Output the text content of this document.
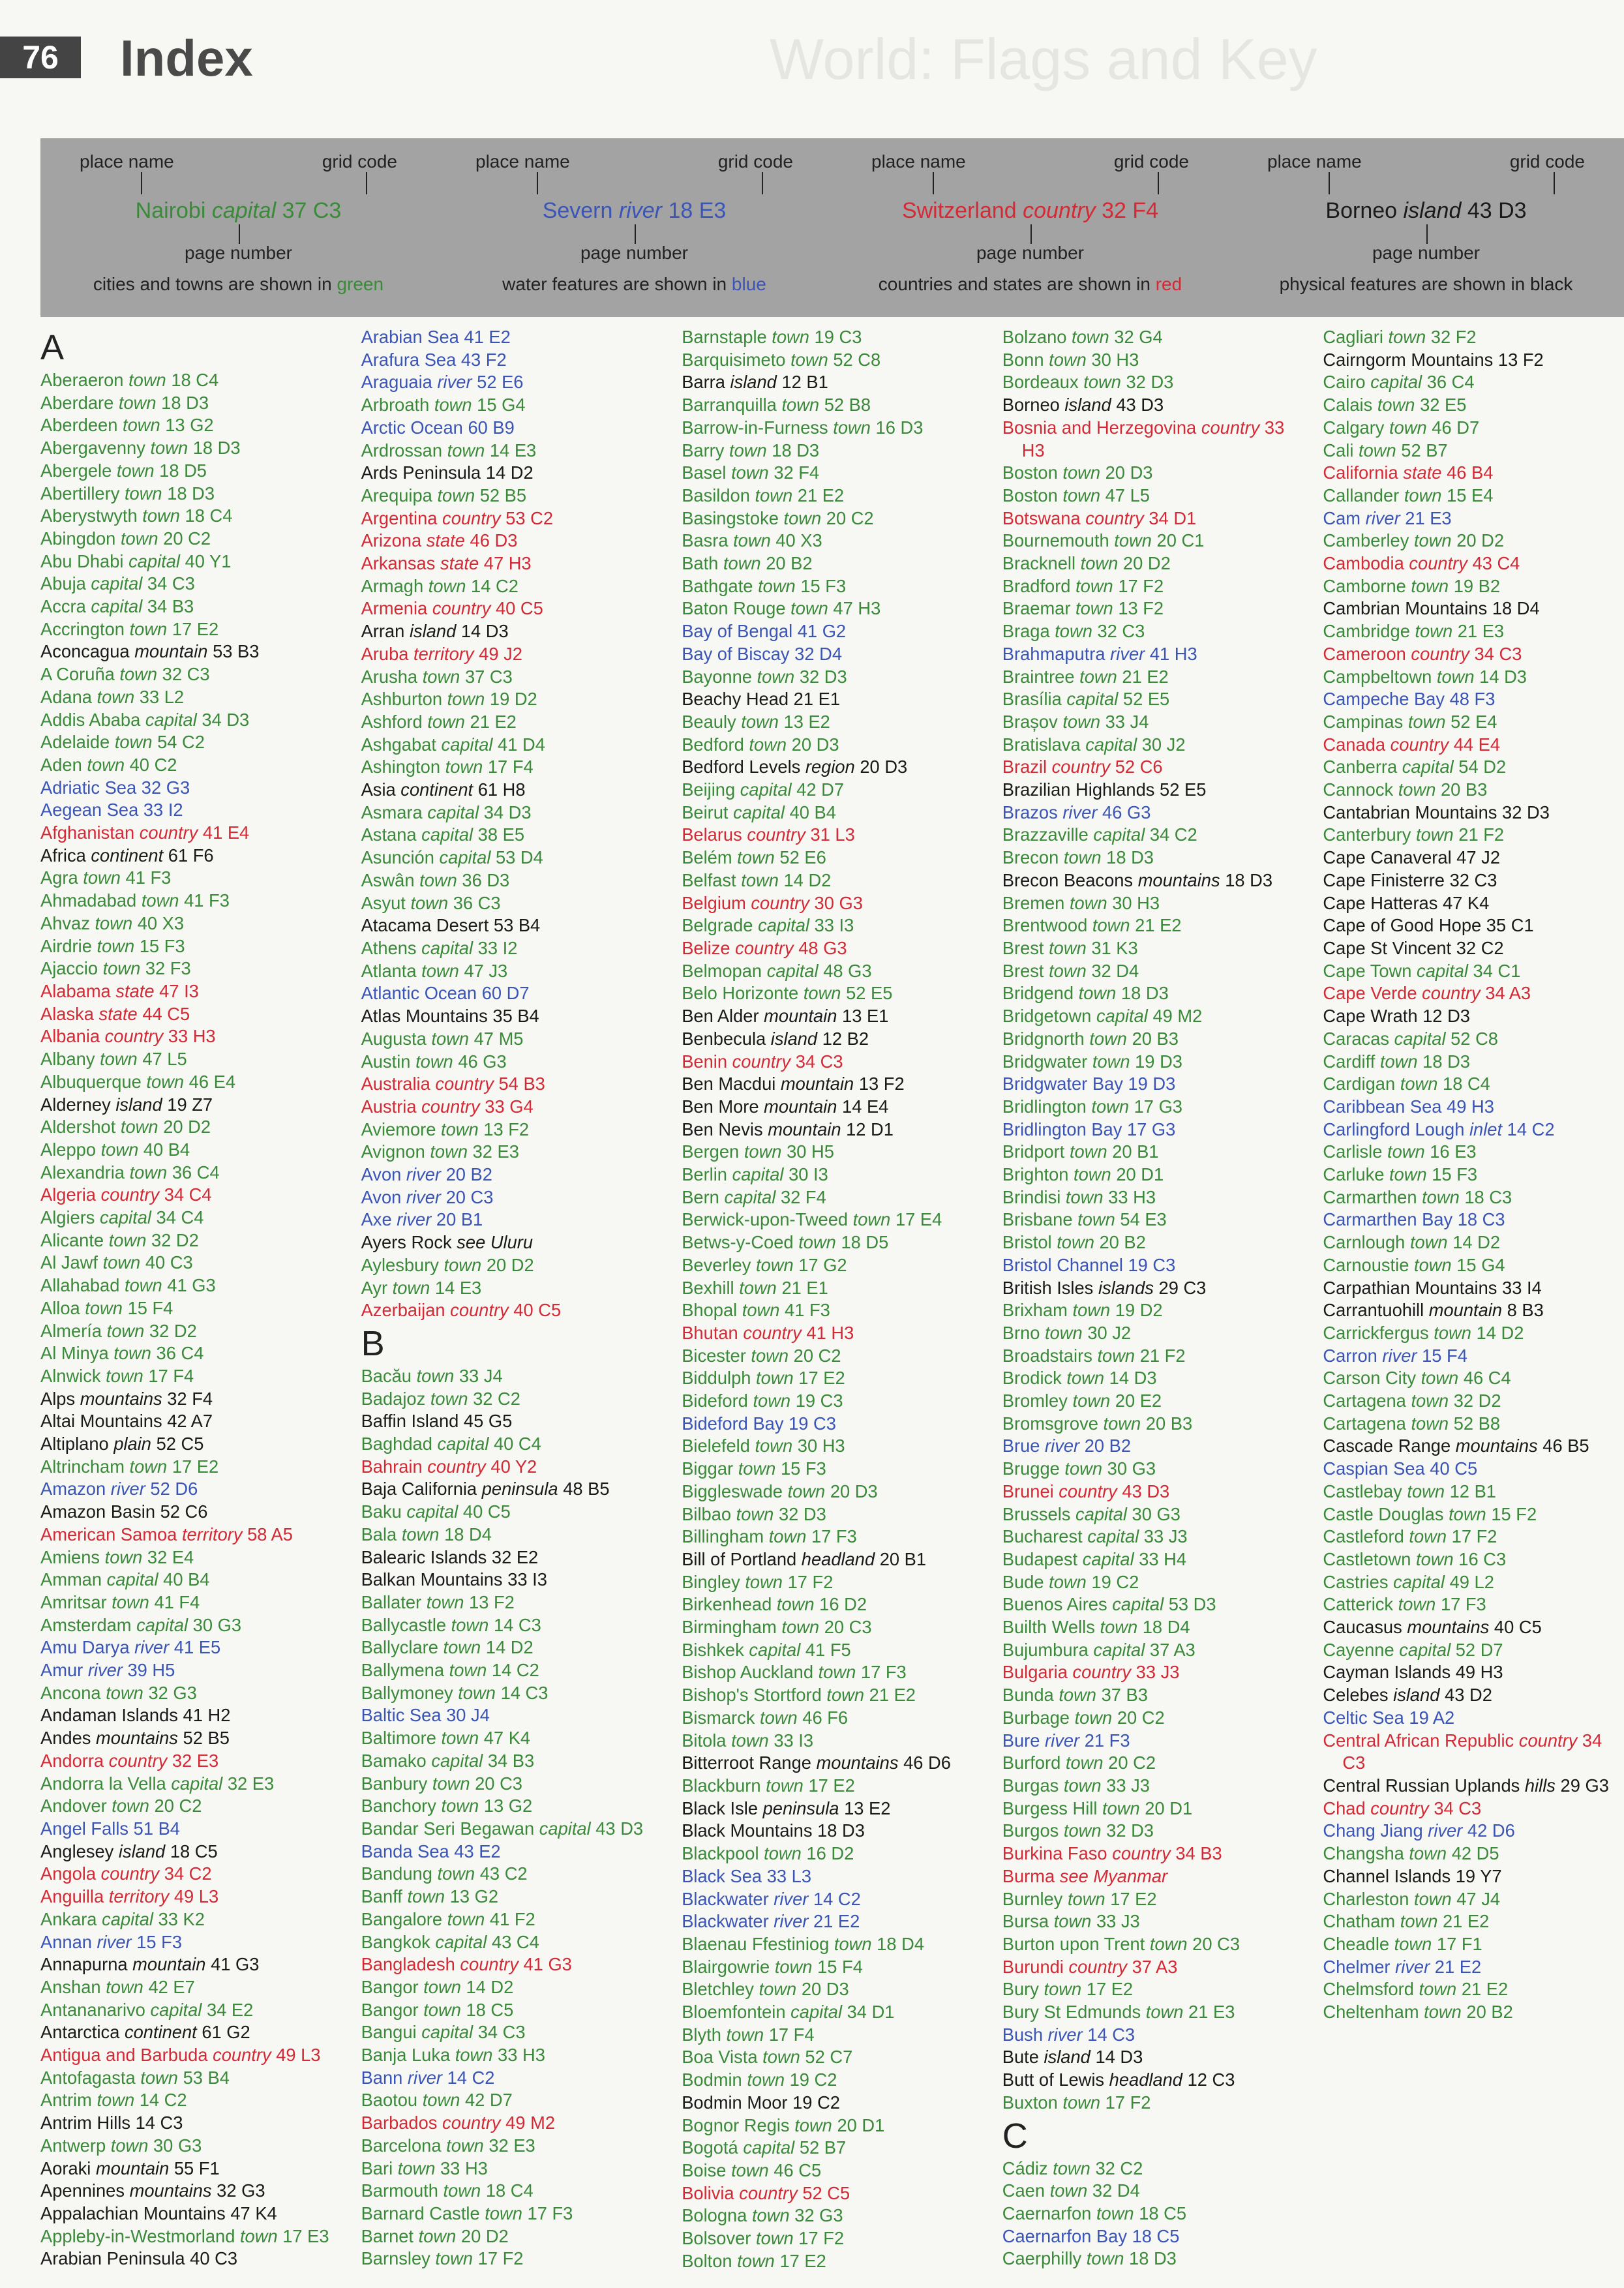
76	Index	World: Flags and Key
place name	grid code
Nairobi capital 37 C3
page number
cities and towns are shown in green
place name	grid code
Severn river 18 E3
page number
water features are shown in blue
place name	grid code
Switzerland country 32 F4
page number
countries and states are shown in red
place name	grid code
Borneo island 43 D3
page number
physical features are shown in black
A

Aberaeron town 18 C4

Aberdare town 18 D3

Aberdeen town 13 G2

Abergavenny town 18 D3

Abergele town 18 D5

Abertillery town 18 D3

Aberystwyth town 18 C4

Abingdon town 20 C2

Abu Dhabi capital 40 Y1

Abuja capital 34 C3

Accra capital 34 B3

Accrington town 17 E2

Aconcagua mountain 53 B3

A Coruña town 32 C3

Adana town 33 L2

Addis Ababa capital 34 D3

Adelaide town 54 C2

Aden town 40 C2

Adriatic Sea 32 G3

Aegean Sea 33 I2

Afghanistan country 41 E4

Africa continent 61 F6

Agra town 41 F3

Ahmadabad town 41 F3

Ahvaz town 40 X3

Airdrie town 15 F3

Ajaccio town 32 F3

Alabama state 47 I3

Alaska state 44 C5

Albania country 33 H3

Albany town 47 L5

Albuquerque town 46 E4

Alderney island 19 Z7

Aldershot town 20 D2

Aleppo town 40 B4

Alexandria town 36 C4

Algeria country 34 C4

Algiers capital 34 C4

Alicante town 32 D2

Al Jawf town 40 C3

Allahabad town 41 G3

Alloa town 15 F4

Almería town 32 D2

Al Minya town 36 C4

Alnwick town 17 F4

Alps mountains 32 F4

Altai Mountains 42 A7

Altiplano plain 52 C5

Altrincham town 17 E2

Amazon river 52 D6

Amazon Basin 52 C6

American Samoa territory 58 A5

Amiens town 32 E4

Amman capital 40 B4

Amritsar town 41 F4

Amsterdam capital 30 G3

Amu Darya river 41 E5

Amur river 39 H5

Ancona town 32 G3

Andaman Islands 41 H2

Andes mountains 52 B5

Andorra country 32 E3

Andorra la Vella capital 32 E3

Andover town 20 C2

Angel Falls 51 B4

Anglesey island 18 C5

Angola country 34 C2

Anguilla territory 49 L3

Ankara capital 33 K2

Annan river 15 F3

Annapurna mountain 41 G3

Anshan town 42 E7

Antananarivo capital 34 E2

Antarctica continent 61 G2

Antigua and Barbuda country 49 L3

Antofagasta town 53 B4

Antrim town 14 C2

Antrim Hills 14 C3

Antwerp town 30 G3

Aoraki mountain 55 F1

Apennines mountains 32 G3

Appalachian Mountains 47 K4

Appleby-in-Westmorland town 17 E3

Arabian Peninsula 40 C3

Arabian Sea 41 E2

Arafura Sea 43 F2

Araguaia river 52 E6

Arbroath town 15 G4

Arctic Ocean 60 B9

Ardrossan town 14 E3

Ards Peninsula 14 D2

Arequipa town 52 B5

Argentina country 53 C2

Arizona state 46 D3

Arkansas state 47 H3

Armagh town 14 C2

Armenia country 40 C5

Arran island 14 D3

Aruba territory 49 J2

Arusha town 37 C3

Ashburton town 19 D2

Ashford town 21 E2

Ashgabat capital 41 D4

Ashington town 17 F4

Asia continent 61 H8

Asmara capital 34 D3

Astana capital 38 E5

Asunción capital 53 D4

Aswân town 36 D3

Asyut town 36 C3

Atacama Desert 53 B4

Athens capital 33 I2

Atlanta town 47 J3

Atlantic Ocean 60 D7

Atlas Mountains 35 B4

Augusta town 47 M5

Austin town 46 G3

Australia country 54 B3

Austria country 33 G4

Aviemore town 13 F2

Avignon town 32 E3

Avon river 20 B2

Avon river 20 C3

Axe river 20 B1

Ayers Rock see Uluru

Aylesbury town 20 D2

Ayr town 14 E3

Azerbaijan country 40 C5

B

Bacău town 33 J4

Badajoz town 32 C2

Baffin Island 45 G5

Baghdad capital 40 C4

Bahrain country 40 Y2

Baja California peninsula 48 B5

Baku capital 40 C5

Bala town 18 D4

Balearic Islands 32 E2

Balkan Mountains 33 I3

Ballater town 13 F2

Ballycastle town 14 C3

Ballyclare town 14 D2

Ballymena town 14 C2

Ballymoney town 14 C3

Baltic Sea 30 J4

Baltimore town 47 K4

Bamako capital 34 B3

Banbury town 20 C3

Banchory town 13 G2

Bandar Seri Begawan capital 43 D3

Banda Sea 43 E2

Bandung town 43 C2

Banff town 13 G2

Bangalore town 41 F2

Bangkok capital 43 C4

Bangladesh country 41 G3

Bangor town 14 D2

Bangor town 18 C5

Bangui capital 34 C3

Banja Luka town 33 H3

Bann river 14 C2

Baotou town 42 D7

Barbados country 49 M2

Barcelona town 32 E3

Bari town 33 H3

Barmouth town 18 C4

Barnard Castle town 17 F3

Barnet town 20 D2

Barnsley town 17 F2

Barnstaple town 19 C3

Barquisimeto town 52 C8

Barra island 12 B1

Barranquilla town 52 B8

Barrow-in-Furness town 16 D3

Barry town 18 D3

Basel town 32 F4

Basildon town 21 E2

Basingstoke town 20 C2

Basra town 40 X3

Bath town 20 B2

Bathgate town 15 F3

Baton Rouge town 47 H3

Bay of Bengal 41 G2

Bay of Biscay 32 D4

Bayonne town 32 D3

Beachy Head 21 E1

Beauly town 13 E2

Bedford town 20 D3

Bedford Levels region 20 D3

Beijing capital 42 D7

Beirut capital 40 B4

Belarus country 31 L3

Belém town 52 E6

Belfast town 14 D2

Belgium country 30 G3

Belgrade capital 33 I3

Belize country 48 G3

Belmopan capital 48 G3

Belo Horizonte town 52 E5

Ben Alder mountain 13 E1

Benbecula island 12 B2

Benin country 34 C3

Ben Macdui mountain 13 F2

Ben More mountain 14 E4

Ben Nevis mountain 12 D1

Bergen town 30 H5

Berlin capital 30 I3

Bern capital 32 F4

Berwick-upon-Tweed town 17 E4

Betws-y-Coed town 18 D5

Beverley town 17 G2

Bexhill town 21 E1

Bhopal town 41 F3

Bhutan country 41 H3

Bicester town 20 C2

Biddulph town 17 E2

Bideford town 19 C3

Bideford Bay 19 C3

Bielefeld town 30 H3

Biggar town 15 F3

Biggleswade town 20 D3

Bilbao town 32 D3

Billingham town 17 F3

Bill of Portland headland 20 B1

Bingley town 17 F2

Birkenhead town 16 D2

Birmingham town 20 C3

Bishkek capital 41 F5

Bishop Auckland town 17 F3

Bishop's Stortford town 21 E2

Bismarck town 46 F6

Bitola town 33 I3

Bitterroot Range mountains 46 D6

Blackburn town 17 E2

Black Isle peninsula 13 E2

Black Mountains 18 D3

Blackpool town 16 D2

Black Sea 33 L3

Blackwater river 14 C2

Blackwater river 21 E2

Blaenau Ffestiniog town 18 D4

Blairgowrie town 15 F4

Bletchley town 20 D3

Bloemfontein capital 34 D1

Blyth town 17 F4

Boa Vista town 52 C7

Bodmin town 19 C2

Bodmin Moor 19 C2

Bognor Regis town 20 D1

Bogotá capital 52 B7

Boise town 46 C5

Bolivia country 52 C5

Bologna town 32 G3

Bolsover town 17 F2

Bolton town 17 E2

Bolzano town 32 G4

Bonn town 30 H3

Bordeaux town 32 D3

Borneo island 43 D3

Bosnia and Herzegovina country 33 H3

Boston town 20 D3

Boston town 47 L5

Botswana country 34 D1

Bournemouth town 20 C1

Bracknell town 20 D2

Bradford town 17 F2

Braemar town 13 F2

Braga town 32 C3

Brahmaputra river 41 H3

Braintree town 21 E2

Brasília capital 52 E5

Brașov town 33 J4

Bratislava capital 30 J2

Brazil country 52 C6

Brazilian Highlands 52 E5

Brazos river 46 G3

Brazzaville capital 34 C2

Brecon town 18 D3

Brecon Beacons mountains 18 D3

Bremen town 30 H3

Brentwood town 21 E2

Brest town 31 K3

Brest town 32 D4

Bridgend town 18 D3

Bridgetown capital 49 M2

Bridgnorth town 20 B3

Bridgwater town 19 D3

Bridgwater Bay 19 D3

Bridlington town 17 G3

Bridlington Bay 17 G3

Bridport town 20 B1

Brighton town 20 D1

Brindisi town 33 H3

Brisbane town 54 E3

Bristol town 20 B2

Bristol Channel 19 C3

British Isles islands 29 C3

Brixham town 19 D2

Brno town 30 J2

Broadstairs town 21 F2

Brodick town 14 D3

Bromley town 20 E2

Bromsgrove town 20 B3

Brue river 20 B2

Brugge town 30 G3

Brunei country 43 D3

Brussels capital 30 G3

Bucharest capital 33 J3

Budapest capital 33 H4

Bude town 19 C2

Buenos Aires capital 53 D3

Builth Wells town 18 D4

Bujumbura capital 37 A3

Bulgaria country 33 J3

Bunda town 37 B3

Burbage town 20 C2

Bure river 21 F3

Burford town 20 C2

Burgas town 33 J3

Burgess Hill town 20 D1

Burgos town 32 D3

Burkina Faso country 34 B3

Burma see Myanmar

Burnley town 17 E2

Bursa town 33 J3

Burton upon Trent town 20 C3

Burundi country 37 A3

Bury town 17 E2

Bury St Edmunds town 21 E3

Bush river 14 C3

Bute island 14 D3

Butt of Lewis headland 12 C3

Buxton town 17 F2

C

Cádiz town 32 C2

Caen town 32 D4

Caernarfon town 18 C5

Caernarfon Bay 18 C5

Caerphilly town 18 D3

Cagliari town 32 F2

Cairngorm Mountains 13 F2

Cairo capital 36 C4

Calais town 32 E5

Calgary town 46 D7

Cali town 52 B7

California state 46 B4

Callander town 15 E4

Cam river 21 E3

Camberley town 20 D2

Cambodia country 43 C4

Camborne town 19 B2

Cambrian Mountains 18 D4

Cambridge town 21 E3

Cameroon country 34 C3

Campbeltown town 14 D3

Campeche Bay 48 F3

Campinas town 52 E4

Canada country 44 E4

Canberra capital 54 D2

Cannock town 20 B3

Cantabrian Mountains 32 D3

Canterbury town 21 F2

Cape Canaveral 47 J2

Cape Finisterre 32 C3

Cape Hatteras 47 K4

Cape of Good Hope 35 C1

Cape St Vincent 32 C2

Cape Town capital 34 C1

Cape Verde country 34 A3

Cape Wrath 12 D3

Caracas capital 52 C8

Cardiff town 18 D3

Cardigan town 18 C4

Caribbean Sea 49 H3

Carlingford Lough inlet 14 C2

Carlisle town 16 E3

Carluke town 15 F3

Carmarthen town 18 C3

Carmarthen Bay 18 C3

Carnlough town 14 D2

Carnoustie town 15 G4

Carpathian Mountains 33 I4

Carrantuohill mountain 8 B3

Carrickfergus town 14 D2

Carron river 15 F4

Carson City town 46 C4

Cartagena town 32 D2

Cartagena town 52 B8

Cascade Range mountains 46 B5

Caspian Sea 40 C5

Castlebay town 12 B1

Castle Douglas town 15 F2

Castleford town 17 F2

Castletown town 16 C3

Castries capital 49 L2

Catterick town 17 F3

Caucasus mountains 40 C5

Cayenne capital 52 D7

Cayman Islands 49 H3

Celebes island 43 D2

Celtic Sea 19 A2

Central African Republic country 34 C3

Central Russian Uplands hills 29 G3

Chad country 34 C3

Chang Jiang river 42 D6

Changsha town 42 D5

Channel Islands 19 Y7

Charleston town 47 J4

Chatham town 21 E2

Cheadle town 17 F1

Chelmer river 21 E2

Chelmsford town 21 E2

Cheltenham town 20 B2
